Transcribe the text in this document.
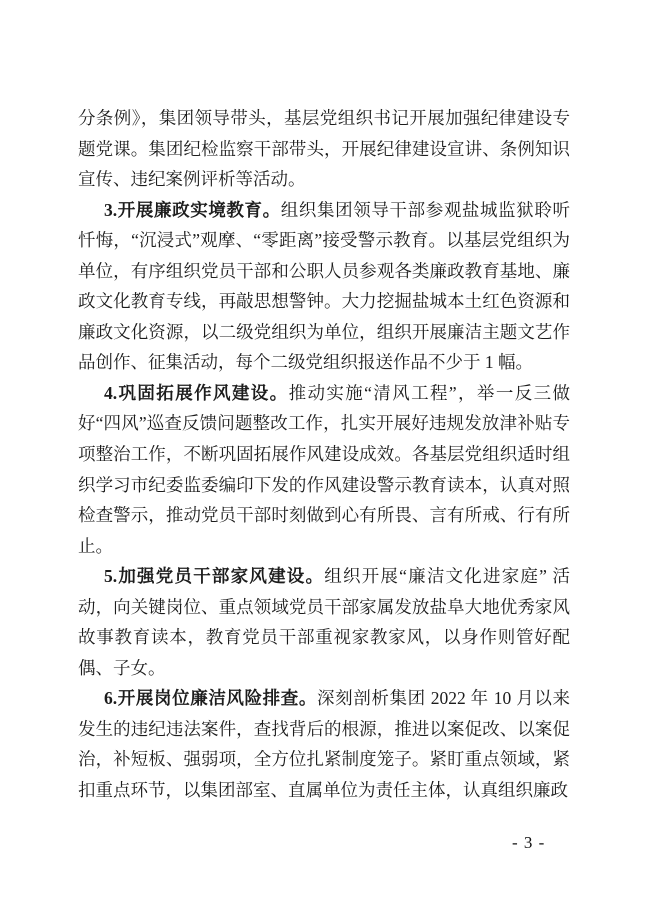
分条例》，集团领导带头，基层党组织书记开展加强纪律建设专题党课。集团纪检监察干部带头，开展纪律建设宣讲、条例知识宣传、违纪案例评析等活动。

3.开展廉政实境教育。组织集团领导干部参观盐城监狱聆听忏悔，“沉浸式”观摩、“零距离”接受警示教育。以基层党组织为单位，有序组织党员干部和公职人员参观各类廉政教育基地、廉政文化教育专线，再敲思想警钟。大力挖掘盐城本土红色资源和廉政文化资源，以二级党组织为单位，组织开展廉洁主题文艺作品创作、征集活动，每个二级党组织报送作品不少于 1 幅。

4.巩固拓展作风建设。推动实施“清风工程”，举一反三做好“四风”巡查反馈问题整改工作，扎实开展好违规发放津补贴专项整治工作，不断巩固拓展作风建设成效。各基层党组织适时组织学习市纪委监委编印下发的作风建设警示教育读本，认真对照检查警示，推动党员干部时刻做到心有所畏、言有所戒、行有所止。

5.加强党员干部家风建设。组织开展“廉洁文化进家庭” 活动，向关键岗位、重点领域党员干部家属发放盐阜大地优秀家风故事教育读本，教育党员干部重视家教家风，以身作则管好配偶、子女。

6.开展岗位廉洁风险排查。深刻剖析集团 2022 年 10 月以来发生的违纪违法案件，查找背后的根源，推进以案促改、以案促治，补短板、强弱项，全方位扎紧制度笼子。紧盯重点领域，紧扣重点环节，以集团部室、直属单位为责任主体，认真组织廉政

- 3 -
